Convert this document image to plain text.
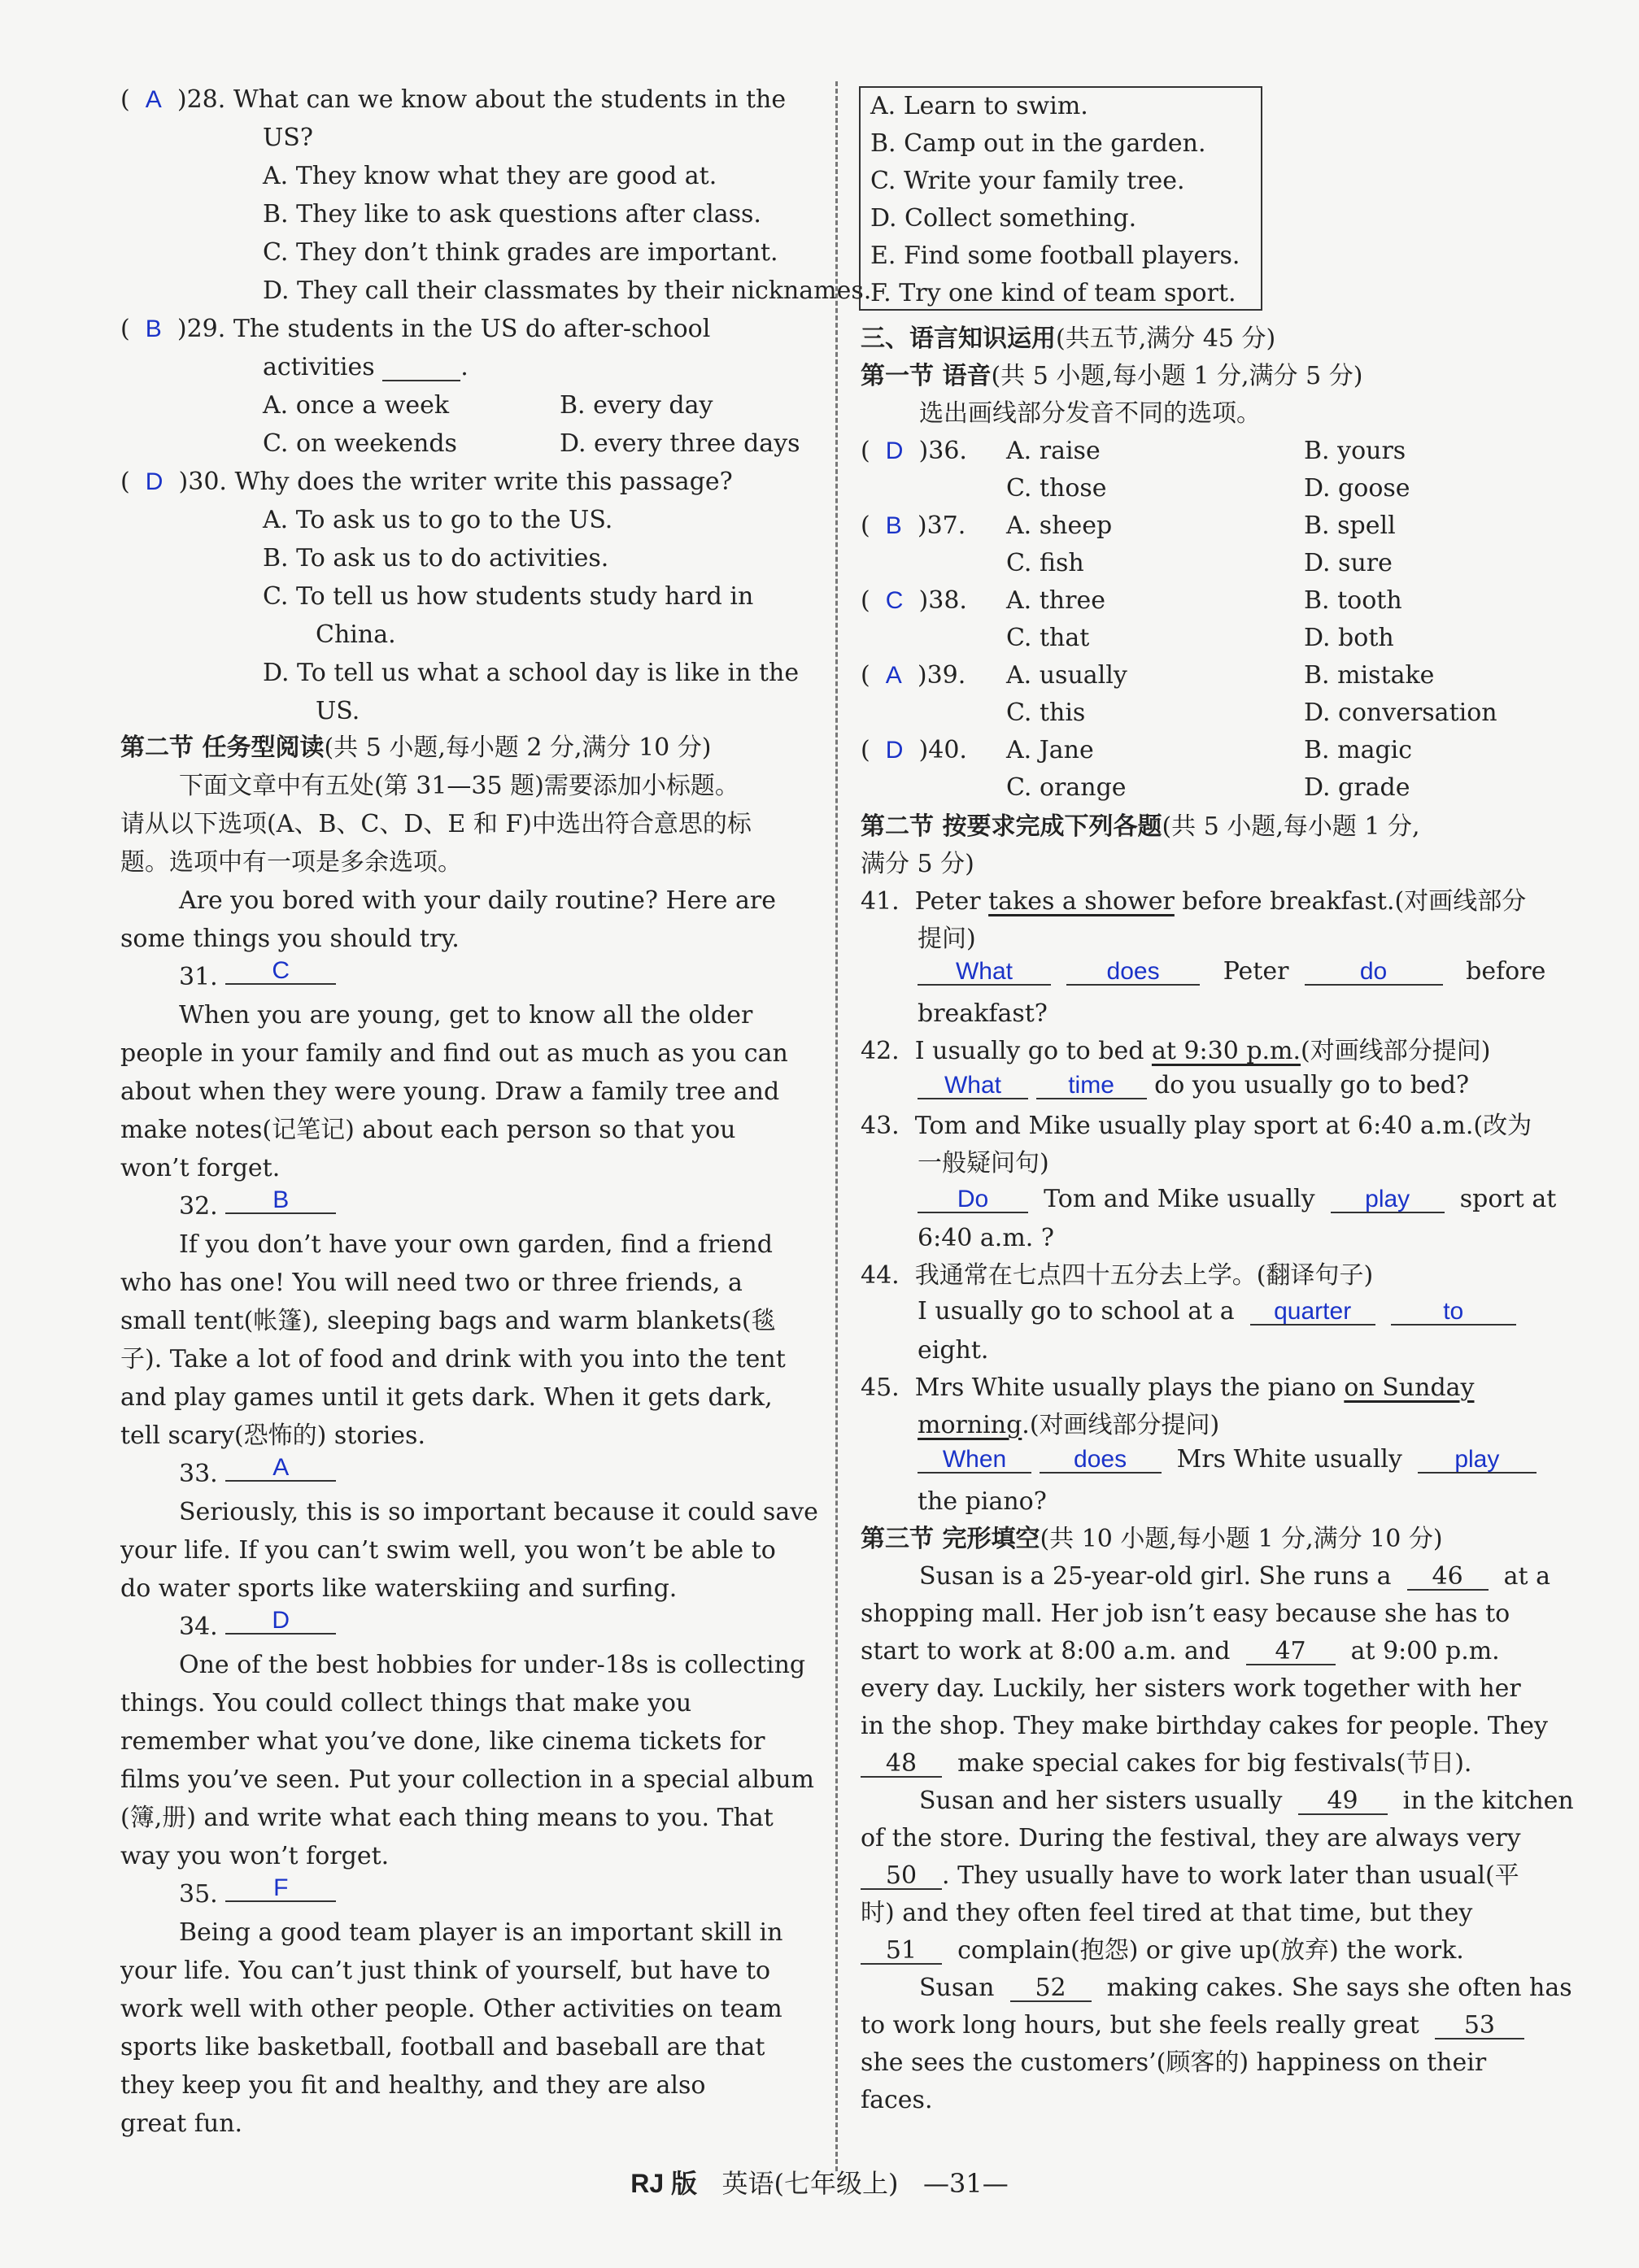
(  A )28. What can we know about the students in the
US?
A. They know what they are good at.
B. They like to ask questions after class.
C. They don’t think grades are important.
D. They call their classmates by their nicknames.
(  B )29. The students in the US do after-school
activities	.
A. once a week	B. every day
C. on weekends	D. every three days
(  D )30. Why does the writer write this passage?
A. To ask us to go to the US.
B. To ask us to do activities.
C. To tell us how students study hard in
China.
D. To tell us what a school day is like in the
US.
第二节 任务型阅读(共 5 小题,每小题 2 分,满分 10 分)
下面文章中有五处(第 31—35 题)需要添加小标题。
请从以下选项(A、B、C、D、E 和 F)中选出符合意思的标
题。选项中有一项是多余选项。
Are you bored with your daily routine? Here are
some things you should try.
31. C
When you are young, get to know all the older
people in your family and find out as much as you can
about when they were young. Draw a family tree and
make notes(记笔记) about each person so that you
won’t forget.
32. B
If you don’t have your own garden, find a friend
who has one! You will need two or three friends, a
small tent(帐篷), sleeping bags and warm blankets(毯
子). Take a lot of food and drink with you into the tent
and play games until it gets dark. When it gets dark,
tell scary(恐怖的) stories.
33. A
Seriously, this is so important because it could save
your life. If you can’t swim well, you won’t be able to
do water sports like waterskiing and surfing.
34. D
One of the best hobbies for under-18s is collecting
things. You could collect things that make you
remember what you’ve done, like cinema tickets for
films you’ve seen. Put your collection in a special album
(簿,册) and write what each thing means to you. That
way you won’t forget.
35. F
Being a good team player is an important skill in
your life. You can’t just think of yourself, but have to
work well with other people. Other activities on team
sports like basketball, football and baseball are that
they keep you fit and healthy, and they are also
great fun.
A. Learn to swim.
B. Camp out in the garden.
C. Write your family tree.
D. Collect something.
E. Find some football players.
F. Try one kind of team sport.
三、语言知识运用(共五节,满分 45 分)
第一节 语音(共 5 小题,每小题 1 分,满分 5 分)
选出画线部分发音不同的选项。
(  D )36. A. raise	B. yours
C. those	D. goose
(  B )37. A. sheep	B. spell
C. fish	D. sure
(  C )38. A. three	B. tooth
C. that	D. both
(  A )39. A. usually	B. mistake
C. this	D. conversation
(  D )40. A. Jane	B. magic
C. orange	D. grade
第二节 按要求完成下列各题(共 5 小题,每小题 1 分,
满分 5 分)
41. Peter takes a shower before breakfast.(对画线部分
提问)
What	does	Peter	do	before
breakfast?
42. I usually go to bed at 9:30 p.m.(对画线部分提问)
What	time do you usually go to bed?
43. Tom and Mike usually play sport at 6:40 a.m.(改为
一般疑问句)
Do Tom and Mike usually play sport at
6:40 a.m. ?
44. 我通常在七点四十五分去上学。(翻译句子)
I usually go to school at a quarter	to
eight.
45. Mrs White usually plays the piano on Sunday
morning.(对画线部分提问)
When	does Mrs White usually play
the piano?
第三节 完形填空(共 10 小题,每小题 1 分,满分 10 分)
Susan is a 25-year-old girl. She runs a 46 at a
shopping mall. Her job isn’t easy because she has to
start to work at 8:00 a.m. and 47 at 9:00 p.m.
every day. Luckily, her sisters work together with her
in the shop. They make birthday cakes for people. They
48 make special cakes for big festivals(节日).
Susan and her sisters usually 49 in the kitchen
of the store. During the festival, they are always very
50 . They usually have to work later than usual(平
时) and they often feel tired at that time, but they
51 complain(抱怨) or give up(放弃) the work.
Susan 52 making cakes. She says she often has
to work long hours, but she feels really great 53
she sees the customers’(顾客的) happiness on their
faces.
RJ 版 英语(七年级上) —31—
